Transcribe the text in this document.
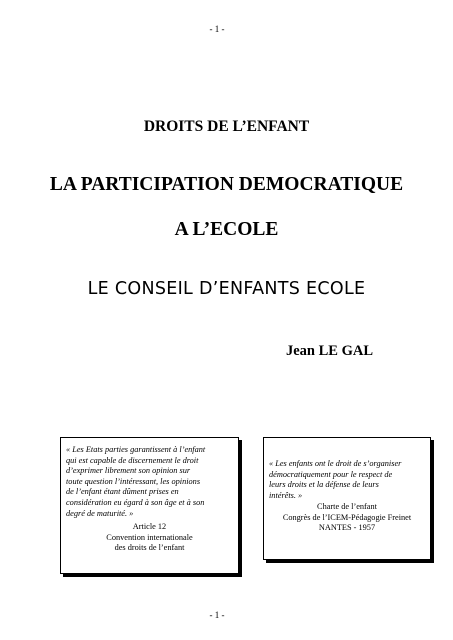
- 1 -
DROITS DE L’ENFANT
LA PARTICIPATION DEMOCRATIQUE
A L’ECOLE
LE CONSEIL D’ENFANTS ECOLE
Jean LE GAL
« Les Etats parties garantissent à l’enfant
qui est capable de discernement le droit
d’exprimer librement son opinion sur
toute question l’intéressant, les opinions
de l’enfant étant dûment prises en
considération eu égard à son âge et à son
degré de maturité. »
Article 12
Convention internationale
des droits de l’enfant
« Les enfants ont le droit de s’organiser
démocratiquement pour le respect de
leurs droits et la défense de leurs
intérêts. »
Charte de l’enfant
Congrès de l’ICEM-Pédagogie Freinet
NANTES - 1957
- 1 -
